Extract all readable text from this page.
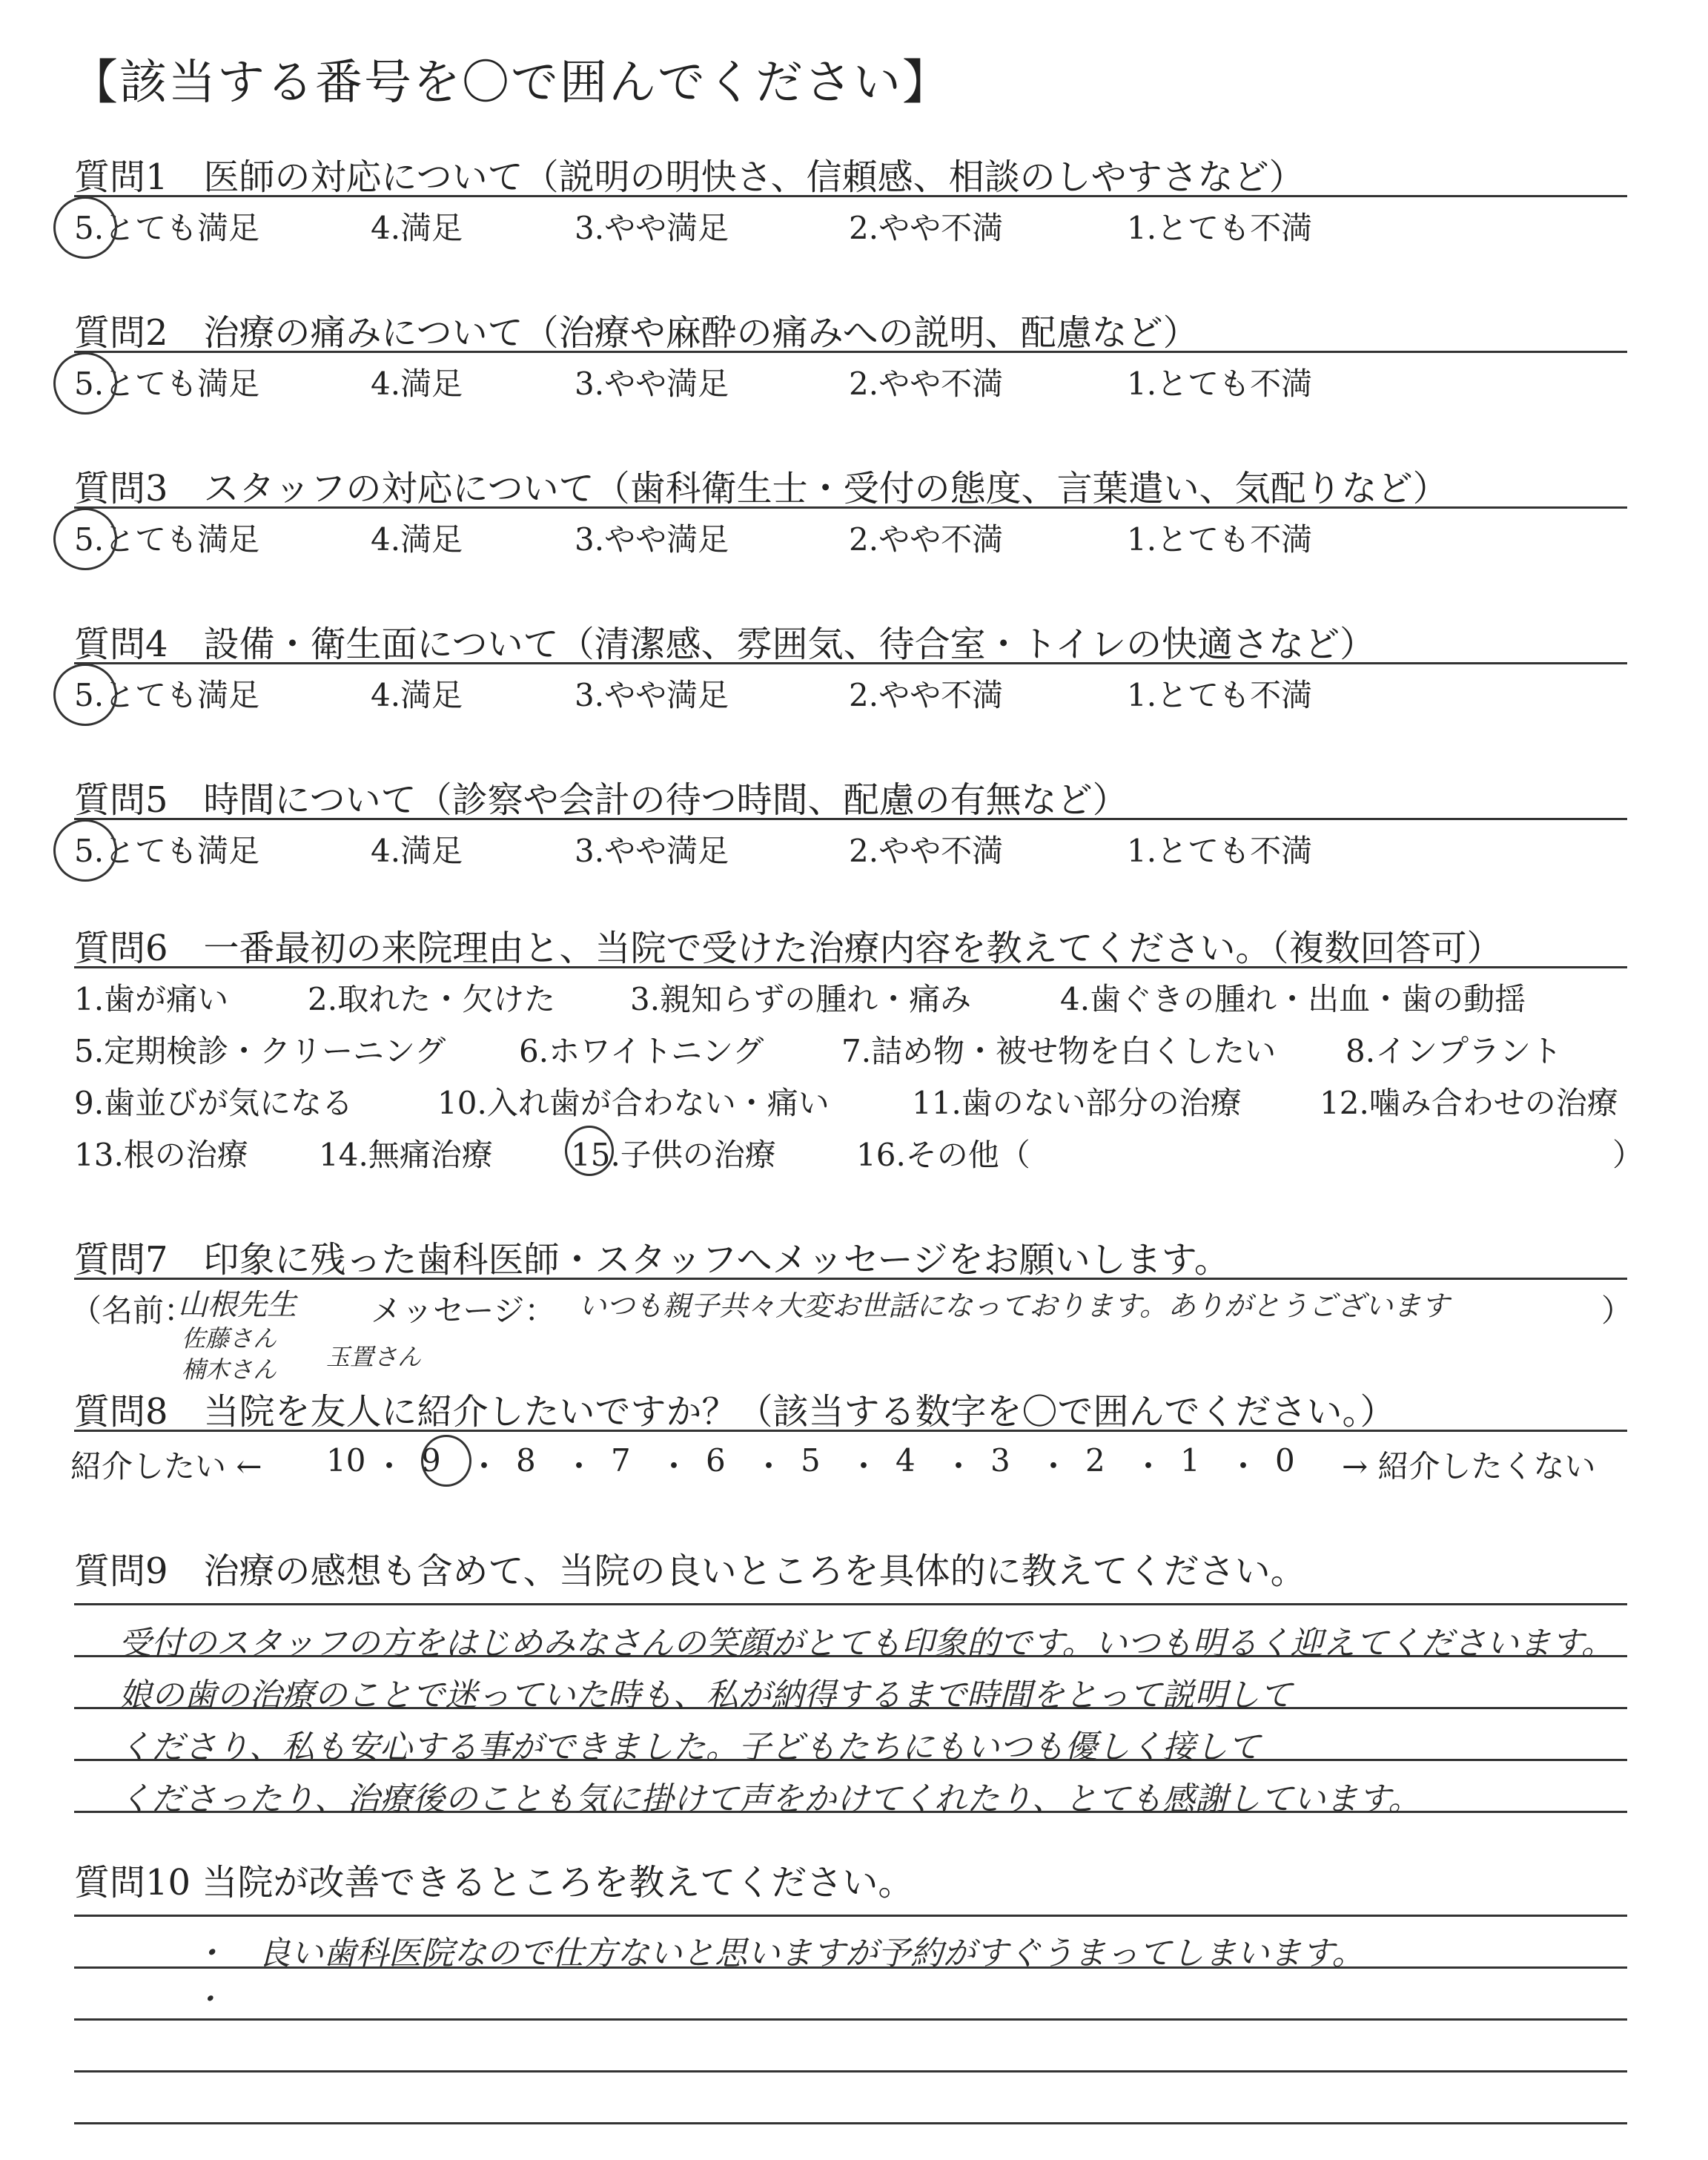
【該当する番号を〇で囲んでください】
質問1　医師の対応について（説明の明快さ、信頼感、相談のしやすさなど）
5.とても満足	4.満足	3.やや満足	2.やや不満	1.とても不満
質問2　治療の痛みについて（治療や麻酔の痛みへの説明、配慮など）
5.とても満足	4.満足	3.やや満足	2.やや不満	1.とても不満
質問3　スタッフの対応について（歯科衛生士・受付の態度、言葉遣い、気配りなど）
5.とても満足	4.満足	3.やや満足	2.やや不満	1.とても不満
質問4　設備・衛生面について（清潔感、雰囲気、待合室・トイレの快適さなど）
5.とても満足	4.満足	3.やや満足	2.やや不満	1.とても不満
質問5　時間について（診察や会計の待つ時間、配慮の有無など）
5.とても満足	4.満足	3.やや満足	2.やや不満	1.とても不満
質問6　一番最初の来院理由と、当院で受けた治療内容を教えてください。（複数回答可）
1.歯が痛い	2.取れた・欠けた 3.親知らずの腫れ・痛み	4.歯ぐきの腫れ・出血・歯の動揺
5.定期検診・クリーニング 6.ホワイトニング 7.詰め物・被せ物を白くしたい 8.インプラント
9.歯並びが気になる	10.入れ歯が合わない・痛い	11.歯のない部分の治療	12.噛み合わせの治療
13.根の治療 14.無痛治療	15.子供の治療	16.その他（	）
質問7　印象に残った歯科医師・スタッフへメッセージをお願いします。
（名前：
山根先生
佐藤さん
楠木さん 玉置さん
メッセージ： いつも親子共々大変お世話になっております。ありがとうございます	）
質問8　当院を友人に紹介したいですか？（該当する数字を〇で囲んでください。）
紹介したい ← 10 ・ 9 ・ 8 ・ 7 ・ 6 ・ 5 ・ 4 ・ 3 ・ 2 ・ 1 ・ 0 → 紹介したくない
質問9　治療の感想も含めて、当院の良いところを具体的に教えてください。
受付のスタッフの方をはじめみなさんの笑顔がとても印象的です。いつも明るく迎えてくださいます。
娘の歯の治療のことで迷っていた時も、私が納得するまで時間をとって説明して
くださり、私も安心する事ができました。子どもたちにもいつも優しく接して
くださったり、治療後のことも気に掛けて声をかけてくれたり、とても感謝しています。
質問10 当院が改善できるところを教えてください。
・　良い歯科医院なので仕方ないと思いますが予約がすぐうまってしまいます。
・
